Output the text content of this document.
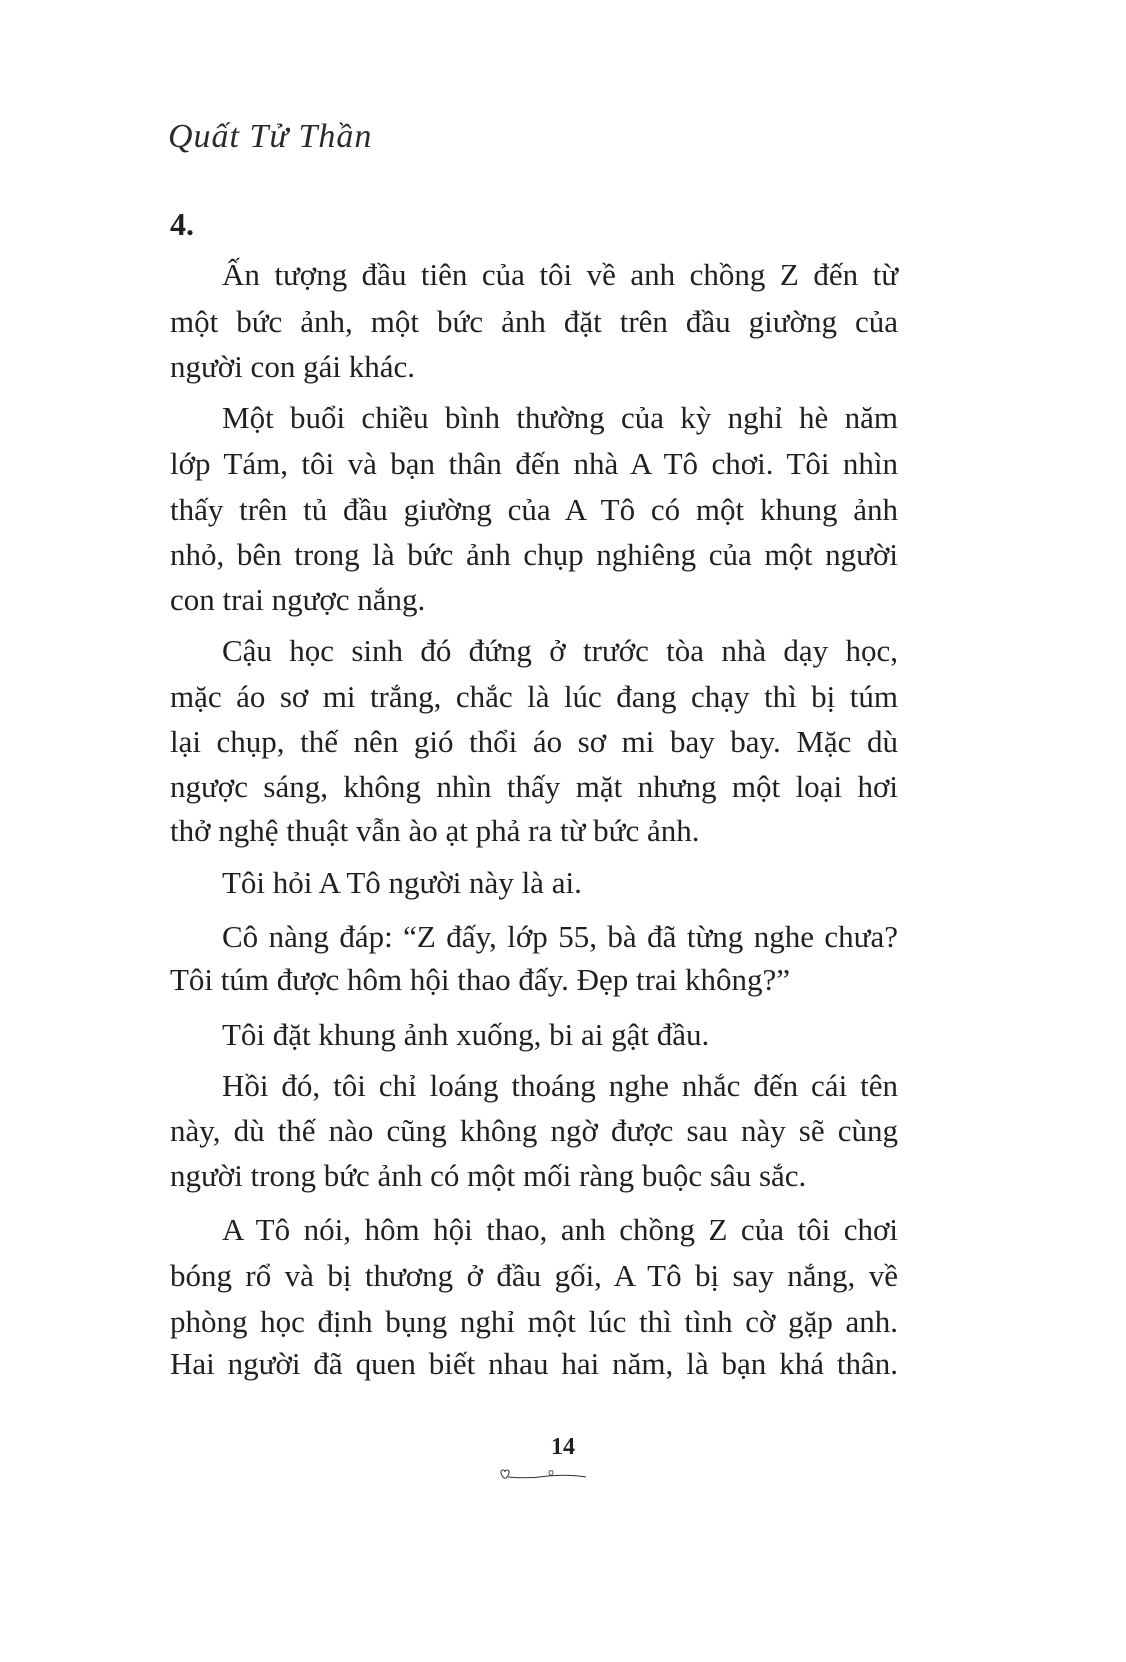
Quất Tử Thần
4.
Ấn tượng đầu tiên của tôi về anh chồng Z đến từ
một bức ảnh, một bức ảnh đặt trên đầu giường của
người con gái khác.
Một buổi chiều bình thường của kỳ nghỉ hè năm
lớp Tám, tôi và bạn thân đến nhà A Tô chơi. Tôi nhìn
thấy trên tủ đầu giường của A Tô có một khung ảnh
nhỏ, bên trong là bức ảnh chụp nghiêng của một người
con trai ngược nắng.
Cậu học sinh đó đứng ở trước tòa nhà dạy học,
mặc áo sơ mi trắng, chắc là lúc đang chạy thì bị túm
lại chụp, thế nên gió thổi áo sơ mi bay bay. Mặc dù
ngược sáng, không nhìn thấy mặt nhưng một loại hơi
thở nghệ thuật vẫn ào ạt phả ra từ bức ảnh.
Tôi hỏi A Tô người này là ai.
Cô nàng đáp: “Z đấy, lớp 55, bà đã từng nghe chưa?
Tôi túm được hôm hội thao đấy. Đẹp trai không?”
Tôi đặt khung ảnh xuống, bi ai gật đầu.
Hồi đó, tôi chỉ loáng thoáng nghe nhắc đến cái tên
này, dù thế nào cũng không ngờ được sau này sẽ cùng
người trong bức ảnh có một mối ràng buộc sâu sắc.
A Tô nói, hôm hội thao, anh chồng Z của tôi chơi
bóng rổ và bị thương ở đầu gối, A Tô bị say nắng, về
phòng học định bụng nghỉ một lúc thì tình cờ gặp anh.
Hai người đã quen biết nhau hai năm, là bạn khá thân.
14
